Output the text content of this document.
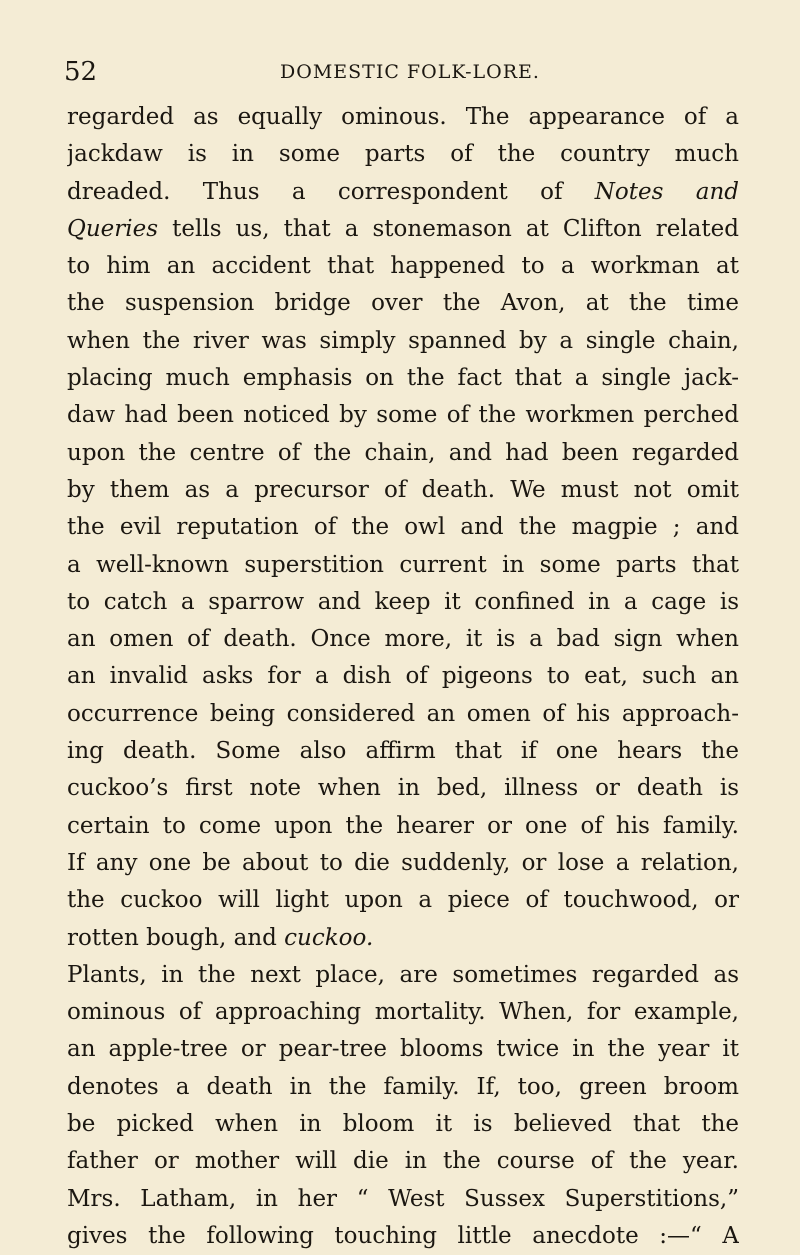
52	DOMESTIC FOLK-LORE.
regarded as equally ominous. The appearance of a
jackdaw is in some parts of the country much
dreaded. Thus a correspondent of Notes and
Queries tells us, that a stonemason at Clifton related
to him an accident that happened to a workman at
the suspension bridge over the Avon, at the time
when the river was simply spanned by a single chain,
placing much emphasis on the fact that a single jack-
daw had been noticed by some of the workmen perched
upon the centre of the chain, and had been regarded
by them as a precursor of death. We must not omit
the evil reputation of the owl and the magpie ; and
a well-known superstition current in some parts that
to catch a sparrow and keep it confined in a cage is
an omen of death. Once more, it is a bad sign when
an invalid asks for a dish of pigeons to eat, such an
occurrence being considered an omen of his approach-
ing death. Some also affirm that if one hears the
cuckoo’s first note when in bed, illness or death is
certain to come upon the hearer or one of his family.
If any one be about to die suddenly, or lose a relation,
the cuckoo will light upon a piece of touchwood, or
rotten bough, and cuckoo.
Plants, in the next place, are sometimes regarded as
ominous of approaching mortality. When, for example,
an apple-tree or pear-tree blooms twice in the year it
denotes a death in the family. If, too, green broom
be picked when in bloom it is believed that the
father or mother will die in the course of the year.
Mrs. Latham, in her “ West Sussex Superstitions,”
gives the following touching little anecdote :—“ A
